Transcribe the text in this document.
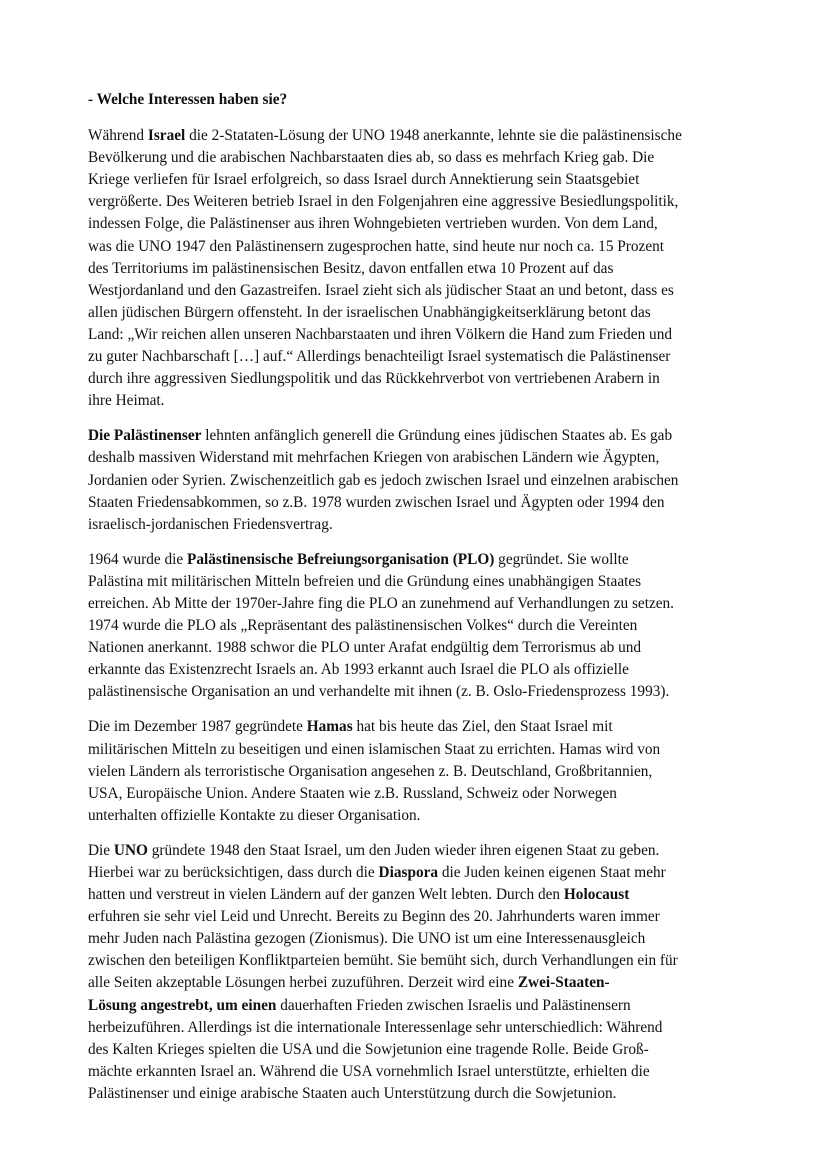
- Welche Interessen haben sie?

Während Israel die 2-Stataten-Lösung der UNO 1948 anerkannte, lehnte sie die palästinensische
Bevölkerung und die arabischen Nachbarstaaten dies ab, so dass es mehrfach Krieg gab. Die
Kriege verliefen für Israel erfolgreich, so dass Israel durch Annektierung sein Staatsgebiet
vergrößerte. Des Weiteren betrieb Israel in den Folgenjahren eine aggressive Besiedlungspolitik,
indessen Folge, die Palästinenser aus ihren Wohngebieten vertrieben wurden. Von dem Land,
was die UNO 1947 den Palästinensern zugesprochen hatte, sind heute nur noch ca. 15 Prozent
des Territoriums im palästinensischen Besitz, davon entfallen etwa 10 Prozent auf das
Westjordanland und den Gazastreifen. Israel zieht sich als jüdischer Staat an und betont, dass es
allen jüdischen Bürgern offensteht. In der israelischen Unabhängigkeitserklärung betont das
Land: „Wir reichen allen unseren Nachbarstaaten und ihren Völkern die Hand zum Frieden und
zu guter Nachbarschaft […] auf.“ Allerdings benachteiligt Israel systematisch die Palästinenser
durch ihre aggressiven Siedlungspolitik und das Rückkehrverbot von vertriebenen Arabern in
ihre Heimat.

Die Palästinenser lehnten anfänglich generell die Gründung eines jüdischen Staates ab. Es gab
deshalb massiven Widerstand mit mehrfachen Kriegen von arabischen Ländern wie Ägypten,
Jordanien oder Syrien. Zwischenzeitlich gab es jedoch zwischen Israel und einzelnen arabischen
Staaten Friedensabkommen, so z.B. 1978 wurden zwischen Israel und Ägypten oder 1994 den
israelisch-jordanischen Friedensvertrag.

1964 wurde die Palästinensische Befreiungsorganisation (PLO) gegründet. Sie wollte
Palästina mit militärischen Mitteln befreien und die Gründung eines unabhängigen Staates
erreichen. Ab Mitte der 1970er-Jahre fing die PLO an zunehmend auf Verhandlungen zu setzen.
1974 wurde die PLO als „Repräsentant des palästinensischen Volkes“ durch die Vereinten
Nationen anerkannt. 1988 schwor die PLO unter Arafat endgültig dem Terrorismus ab und
erkannte das Existenzrecht Israels an. Ab 1993 erkannt auch Israel die PLO als offizielle
palästinensische Organisation an und verhandelte mit ihnen (z. B. Oslo-Friedensprozess 1993).

Die im Dezember 1987 gegründete Hamas hat bis heute das Ziel, den Staat Israel mit
militärischen Mitteln zu beseitigen und einen islamischen Staat zu errichten. Hamas wird von
vielen Ländern als terroristische Organisation angesehen z. B. Deutschland, Großbritannien,
USA, Europäische Union. Andere Staaten wie z.B. Russland, Schweiz oder Norwegen
unterhalten offizielle Kontakte zu dieser Organisation.

Die UNO gründete 1948 den Staat Israel, um den Juden wieder ihren eigenen Staat zu geben.
Hierbei war zu berücksichtigen, dass durch die Diaspora die Juden keinen eigenen Staat mehr
hatten und verstreut in vielen Ländern auf der ganzen Welt lebten. Durch den Holocaust
erfuhren sie sehr viel Leid und Unrecht. Bereits zu Beginn des 20. Jahrhunderts waren immer
mehr Juden nach Palästina gezogen (Zionismus). Die UNO ist um eine Interessenausgleich
zwischen den beteiligen Konfliktparteien bemüht. Sie bemüht sich, durch Verhandlungen ein für
alle Seiten akzeptable Lösungen herbei zuzuführen. Derzeit wird eine Zwei-Staaten-
Lösung angestrebt, um einen dauerhaften Frieden zwischen Israelis und Palästinensern
herbeizuführen. Allerdings ist die internationale Interessenlage sehr unterschiedlich: Während
des Kalten Krieges spielten die USA und die Sowjetunion eine tragende Rolle. Beide Groß-
mächte erkannten Israel an. Während die USA vornehmlich Israel unterstützte, erhielten die
Palästinenser und einige arabische Staaten auch Unterstützung durch die Sowjetunion.
